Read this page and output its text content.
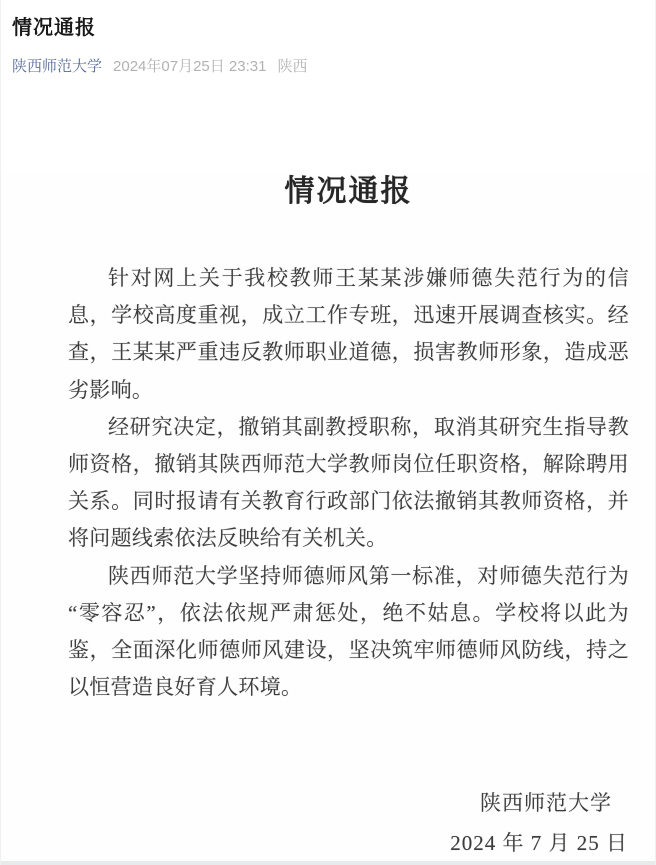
情况通报
陕西师范大学 2024年07月25日 23:31 陕西
情况通报
针对网上关于我校教师王某某涉嫌师德失范行为的信
息，学校高度重视，成立工作专班，迅速开展调查核实。经
查，王某某严重违反教师职业道德，损害教师形象，造成恶
劣影响。
经研究决定，撤销其副教授职称，取消其研究生指导教
师资格，撤销其陕西师范大学教师岗位任职资格，解除聘用
关系。同时报请有关教育行政部门依法撤销其教师资格，并
将问题线索依法反映给有关机关。
陕西师范大学坚持师德师风第一标准，对师德失范行为
“零容忍”，依法依规严肃惩处，绝不姑息。学校将以此为
鉴，全面深化师德师风建设，坚决筑牢师德师风防线，持之
以恒营造良好育人环境。
陕西师范大学
2024 年 7 月 25 日
